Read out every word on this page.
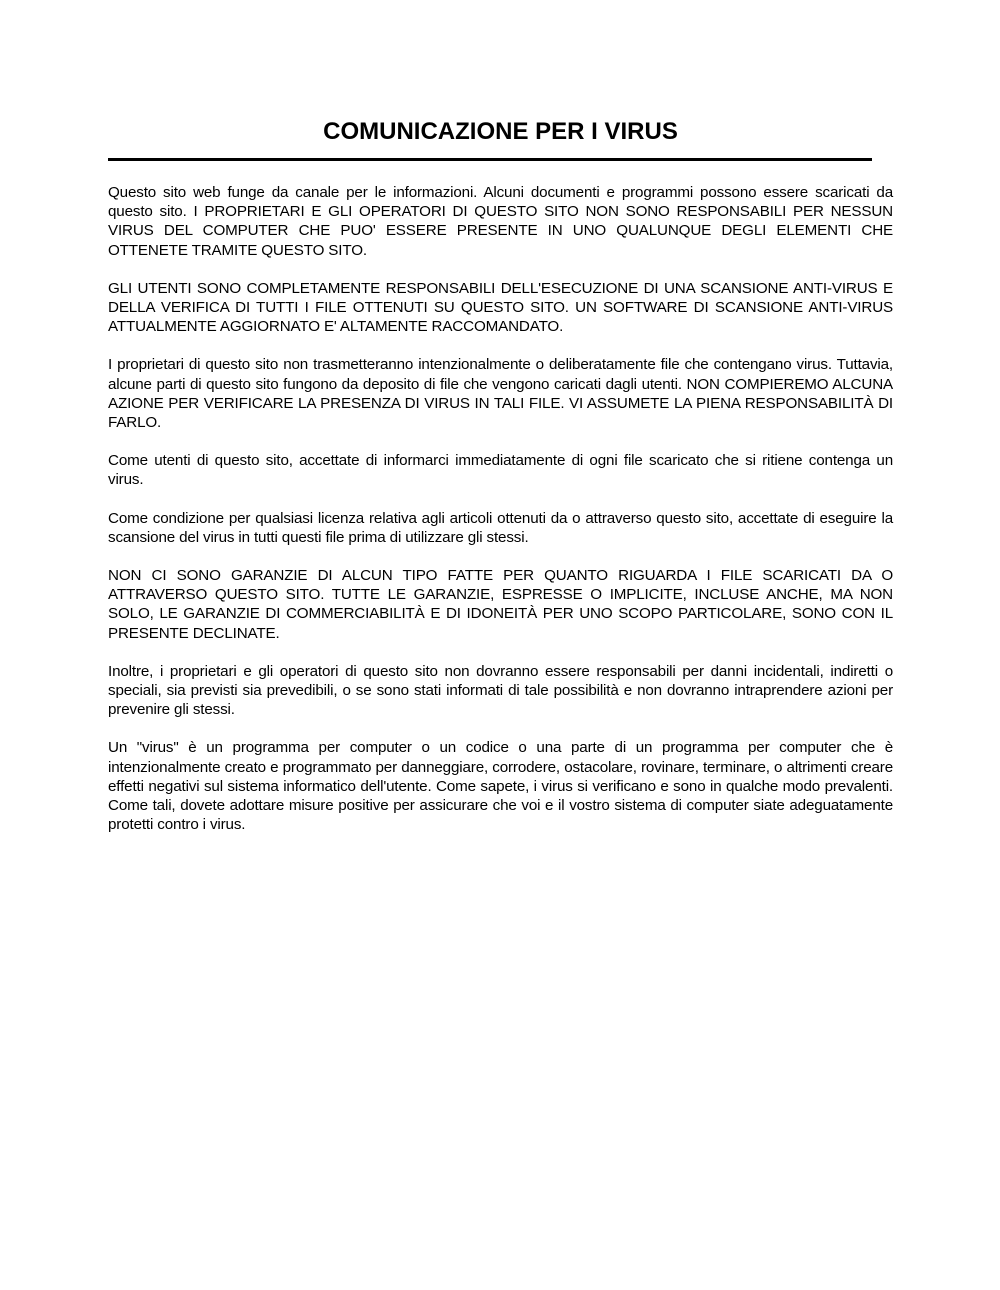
COMUNICAZIONE PER I VIRUS

Questo sito web funge da canale per le informazioni. Alcuni documenti e programmi possono essere scaricati da questo sito. I PROPRIETARI E GLI OPERATORI DI QUESTO SITO NON SONO RESPONSABILI PER NESSUN VIRUS DEL COMPUTER CHE PUO' ESSERE PRESENTE IN UNO QUALUNQUE DEGLI ELEMENTI CHE OTTENETE TRAMITE QUESTO SITO.

GLI UTENTI SONO COMPLETAMENTE RESPONSABILI DELL'ESECUZIONE DI UNA SCANSIONE ANTI-VIRUS E DELLA VERIFICA DI TUTTI I FILE OTTENUTI SU QUESTO SITO. UN SOFTWARE DI SCANSIONE ANTI-VIRUS ATTUALMENTE AGGIORNATO E' ALTAMENTE RACCOMANDATO.

I proprietari di questo sito non trasmetteranno intenzionalmente o deliberatamente file che contengano virus. Tuttavia, alcune parti di questo sito fungono da deposito di file che vengono caricati dagli utenti. NON COMPIEREMO ALCUNA AZIONE PER VERIFICARE LA PRESENZA DI VIRUS IN TALI FILE. VI ASSUMETE LA PIENA RESPONSABILITÀ DI FARLO.

Come utenti di questo sito, accettate di informarci immediatamente di ogni file scaricato che si ritiene contenga un virus.

Come condizione per qualsiasi licenza relativa agli articoli ottenuti da o attraverso questo sito, accettate di eseguire la scansione del virus in tutti questi file prima di utilizzare gli stessi.

NON CI SONO GARANZIE DI ALCUN TIPO FATTE PER QUANTO RIGUARDA I FILE SCARICATI DA O ATTRAVERSO QUESTO SITO. TUTTE LE GARANZIE, ESPRESSE O IMPLICITE, INCLUSE ANCHE, MA NON SOLO, LE GARANZIE DI COMMERCIABILITÀ E DI IDONEITÀ PER UNO SCOPO PARTICOLARE, SONO CON IL PRESENTE DECLINATE.

Inoltre, i proprietari e gli operatori di questo sito non dovranno essere responsabili per danni incidentali, indiretti o speciali, sia previsti sia prevedibili, o se sono stati informati di tale possibilità e non dovranno intraprendere azioni per prevenire gli stessi.

Un "virus" è un programma per computer o un codice o una parte di un programma per computer che è intenzionalmente creato e programmato per danneggiare, corrodere, ostacolare, rovinare, terminare, o altrimenti creare effetti negativi sul sistema informatico dell'utente. Come sapete, i virus si verificano e sono in qualche modo prevalenti. Come tali, dovete adottare misure positive per assicurare che voi e il vostro sistema di computer siate adeguatamente protetti contro i virus.
